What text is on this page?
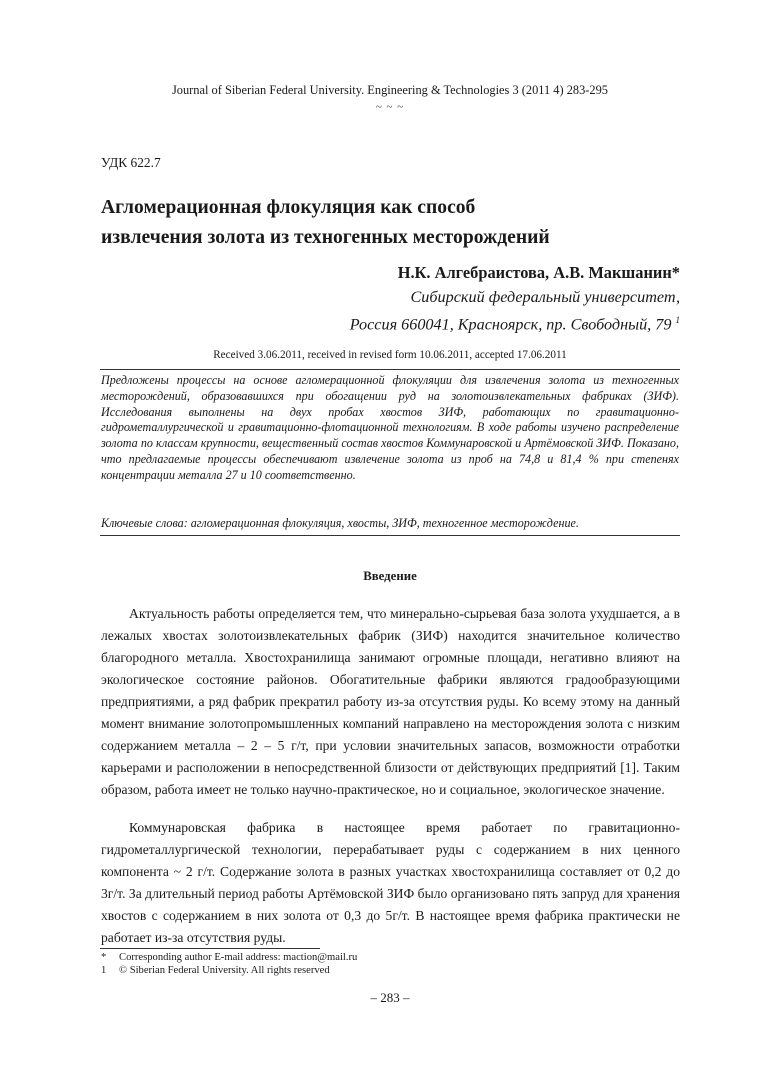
Journal of Siberian Federal University. Engineering & Technologies 3 (2011 4) 283-295
~ ~ ~
УДК 622.7
Агломерационная флокуляция как способ
извлечения золота из техногенных месторождений
Н.К. Алгебраистова, А.В. Макшанин*
Сибирский федеральный университет,
Россия 660041, Красноярск, пр. Свободный, 79 $^1$
Received 3.06.2011, received in revised form 10.06.2011, accepted 17.06.2011
Предложены процессы на основе агломерационной флокуляции для извлечения золота из техногенных месторождений, образовавшихся при обогащении руд на золотоизвлекательных фабриках (ЗИФ). Исследования выполнены на двух пробах хвостов ЗИФ, работающих по гравитационно-гидрометаллургической и гравитационно-флотационной технологиям. В ходе работы изучено распределение золота по классам крупности, вещественный состав хвостов Коммунаровской и Артёмовской ЗИФ. Показано, что предлагаемые процессы обеспечивают извлечение золота из проб на 74,8 и 81,4 % при степенях концентрации металла 27 и 10 соответственно.
Ключевые слова: агломерационная флокуляция, хвосты, ЗИФ, техногенное месторождение.
Введение

Актуальность работы определяется тем, что минерально-сырьевая база золота ухудшается, а в лежалых хвостах золотоизвлекательных фабрик (ЗИФ) находится значительное количество благородного металла. Хвостохранилища занимают огромные площади, негативно влияют на экологическое состояние районов. Обогатительные фабрики являются градообразующими предприятиями, а ряд фабрик прекратил работу из-за отсутствия руды. Ко всему этому на данный момент внимание золотопромышленных компаний направлено на месторождения золота с низким содержанием металла – 2 – 5 г/т, при условии значительных запасов, возможности отработки карьерами и расположении в непосредственной близости от действующих предприятий [1]. Таким образом, работа имеет не только научно-практическое, но и социальное, экологическое значение.

Коммунаровская фабрика в настоящее время работает по гравитационно-гидрометаллургической технологии, перерабатывает руды с содержанием в них ценного компонента ~ 2 г/т. Содержание золота в разных участках хвостохранилища составляет от 0,2 до 3г/т. За длительный период работы Артёмовской ЗИФ было организовано пять запруд для хранения хвостов с содержанием в них золота от 0,3 до 5г/т. В настоящее время фабрика практически не работает из-за отсутствия руды.

* Corresponding author E-mail address: maction@mail.ru
1 © Siberian Federal University. All rights reserved
– 283 –
